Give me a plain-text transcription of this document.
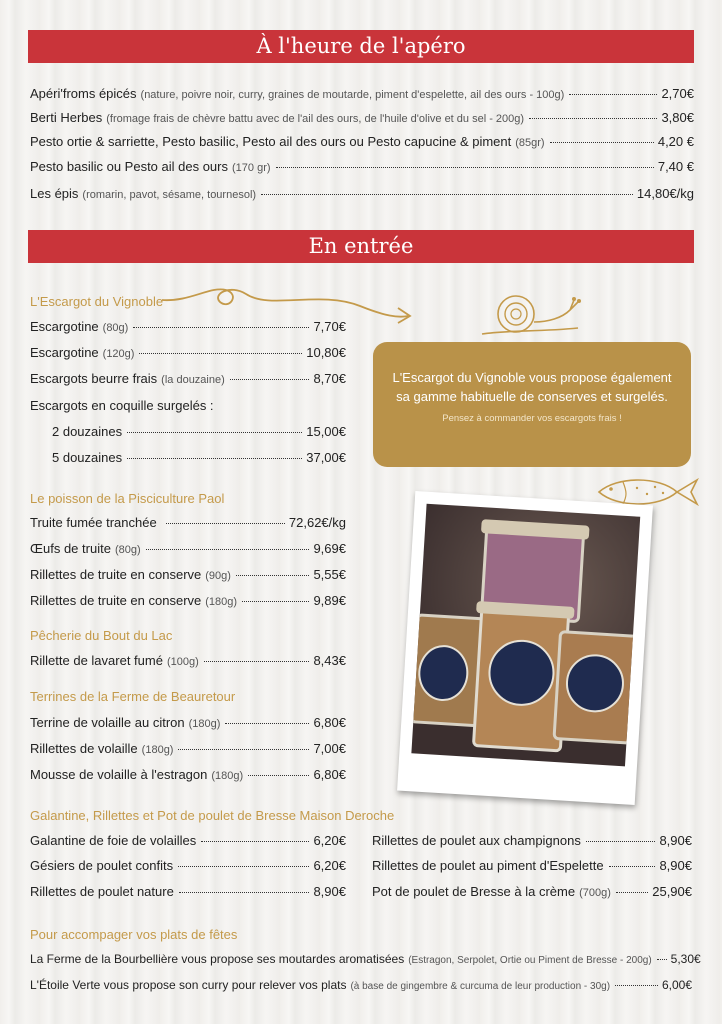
À l'heure de l'apéro
Apéri'froms épicés (nature, poivre noir, curry, graines de moutarde, piment d'espelette, ail des ours - 100g)	2,70€
Berti Herbes (fromage frais de chèvre battu avec de l'ail des ours, de l'huile d'olive et du sel - 200g)	3,80€
Pesto ortie & sarriette, Pesto basilic, Pesto ail des ours ou Pesto capucine & piment (85gr)	4,20 €
Pesto basilic ou Pesto ail des ours (170 gr)	7,40 €
Les épis (romarin, pavot, sésame, tournesol)	14,80€/kg
En entrée
L'Escargot du Vignoble
Escargotine (80g)	7,70€
Escargotine (120g)	10,80€
Escargots beurre frais (la douzaine)	8,70€
Escargots en coquille surgelés :
2 douzaines	15,00€
5 douzaines	37,00€
L'Escargot du Vignoble vous propose également
sa gamme habituelle de conserves et surgelés.
Pensez à commander vos escargots frais !
Le poisson de la Pisciculture Paol
Truite fumée tranchée	72,62€/kg
Œufs de truite (80g)	9,69€
Rillettes de truite en conserve (90g)	5,55€
Rillettes de truite en conserve (180g)	9,89€
Pêcherie du Bout du Lac
Rillette de lavaret fumé (100g)	8,43€
Terrines de la Ferme de Beauretour
Terrine de volaille au citron (180g)	6,80€
Rillettes de volaille (180g)	7,00€
Mousse de volaille à l'estragon (180g)	6,80€
Galantine, Rillettes et Pot de poulet de Bresse Maison Deroche
Galantine de foie de volailles	6,20€
Gésiers de poulet confits	6,20€
Rillettes de poulet nature	8,90€
Rillettes de poulet aux champignons	8,90€
Rillettes de poulet au piment d'Espelette	8,90€
Pot de poulet de Bresse à la crème (700g)	25,90€
Pour accompager vos plats de fêtes
La Ferme de la Bourbellière vous propose ses moutardes aromatisées (Estragon, Serpolet, Ortie ou Piment de Bresse - 200g) 5,30€
L'Étoile Verte vous propose son curry pour relever vos plats (à base de gingembre & curcuma de leur production - 30g)	6,00€
